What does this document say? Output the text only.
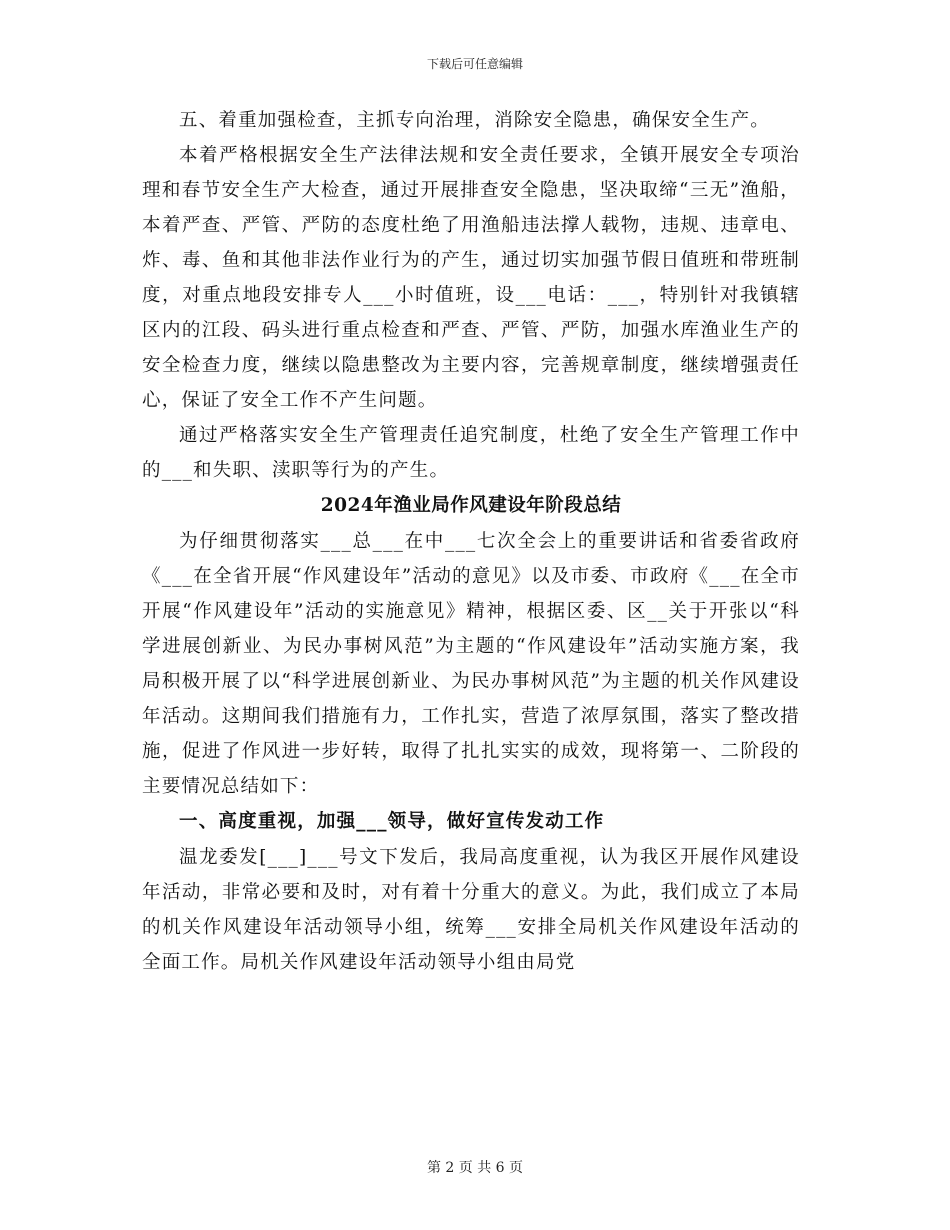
下载后可任意编辑

五、着重加强检查，主抓专向治理，消除安全隐患，确保安全生产。

本着严格根据安全生产法律法规和安全责任要求，全镇开展安全专项治理和春节安全生产大检查，通过开展排查安全隐患，坚决取缔“三无”渔船，本着严查、严管、严防的态度杜绝了用渔船违法撑人载物，违规、违章电、炸、毒、鱼和其他非法作业行为的产生，通过切实加强节假日值班和带班制度，对重点地段安排专人___小时值班，设___电话：___，特别针对我镇辖区内的江段、码头进行重点检查和严查、严管、严防，加强水库渔业生产的安全检查力度，继续以隐患整改为主要内容，完善规章制度，继续增强责任心，保证了安全工作不产生问题。

通过严格落实安全生产管理责任追究制度，杜绝了安全生产管理工作中的___和失职、渎职等行为的产生。

2024年渔业局作风建设年阶段总结

为仔细贯彻落实___总___在中___七次全会上的重要讲话和省委省政府《___在全省开展“作风建设年”活动的意见》以及市委、市政府《___在全市开展“作风建设年”活动的实施意见》精神，根据区委、区__关于开张以“科学进展创新业、为民办事树风范”为主题的“作风建设年”活动实施方案，我局积极开展了以“科学进展创新业、为民办事树风范”为主题的机关作风建设年活动。这期间我们措施有力，工作扎实，营造了浓厚氛围，落实了整改措施，促进了作风进一步好转，取得了扎扎实实的成效，现将第一、二阶段的主要情况总结如下：

一、高度重视，加强___领导，做好宣传发动工作

温龙委发[___]___号文下发后，我局高度重视，认为我区开展作风建设年活动，非常必要和及时，对有着十分重大的意义。为此，我们成立了本局的机关作风建设年活动领导小组，统筹___安排全局机关作风建设年活动的全面工作。局机关作风建设年活动领导小组由局党

第 2 页 共 6 页
